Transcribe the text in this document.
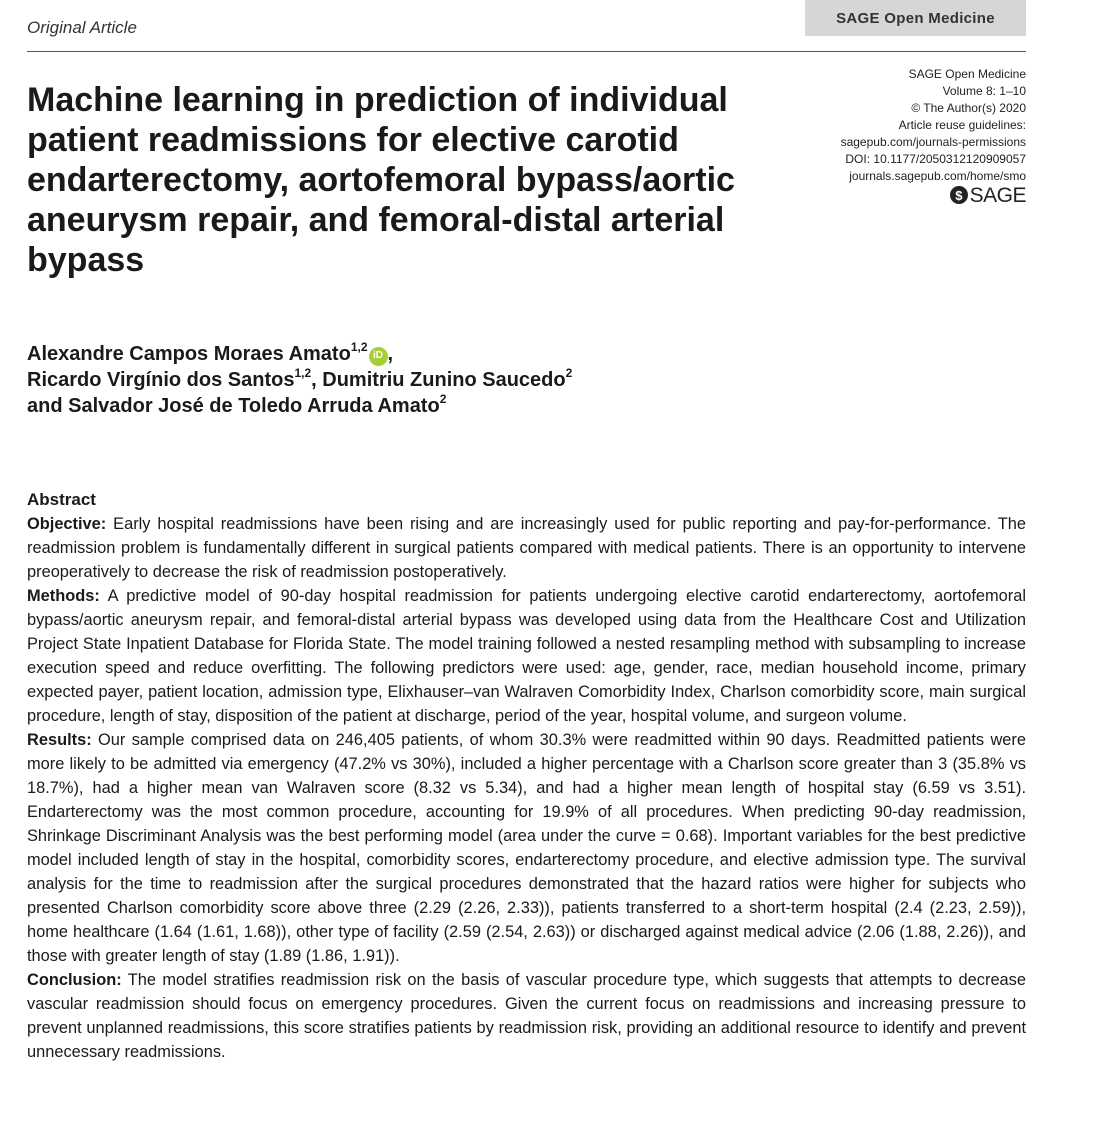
Original Article	SAGE Open Medicine
Machine learning in prediction of individual patient readmissions for elective carotid endarterectomy, aortofemoral bypass/aortic aneurysm repair, and femoral-distal arterial bypass
SAGE Open Medicine
Volume 8: 1–10
© The Author(s) 2020
Article reuse guidelines:
sagepub.com/journals-permissions
DOI: 10.1177/2050312120909057
journals.sagepub.com/home/smo
$ SAGE
Alexandre Campos Moraes Amato$^{1,2}$iD ,
Ricardo Virgínio dos Santos$^{1,2}$, Dumitriu Zunino Saucedo$^2$
and Salvador José de Toledo Arruda Amato$^2$
Abstract
Objective: Early hospital readmissions have been rising and are increasingly used for public reporting and pay-for-performance. The readmission problem is fundamentally different in surgical patients compared with medical patients. There is an opportunity to intervene preoperatively to decrease the risk of readmission postoperatively.
Methods: A predictive model of 90-day hospital readmission for patients undergoing elective carotid endarterectomy, aortofemoral bypass/aortic aneurysm repair, and femoral-distal arterial bypass was developed using data from the Healthcare Cost and Utilization Project State Inpatient Database for Florida State. The model training followed a nested resampling method with subsampling to increase execution speed and reduce overfitting. The following predictors were used: age, gender, race, median household income, primary expected payer, patient location, admission type, Elixhauser–van Walraven Comorbidity Index, Charlson comorbidity score, main surgical procedure, length of stay, disposition of the patient at discharge, period of the year, hospital volume, and surgeon volume.
Results: Our sample comprised data on 246,405 patients, of whom 30.3% were readmitted within 90 days. Readmitted patients were more likely to be admitted via emergency (47.2% vs 30%), included a higher percentage with a Charlson score greater than 3 (35.8% vs 18.7%), had a higher mean van Walraven score (8.32 vs 5.34), and had a higher mean length of hospital stay (6.59 vs 3.51). Endarterectomy was the most common procedure, accounting for 19.9% of all procedures. When predicting 90-day readmission, Shrinkage Discriminant Analysis was the best performing model (area under the curve = 0.68). Important variables for the best predictive model included length of stay in the hospital, comorbidity scores, endarterectomy procedure, and elective admission type. The survival analysis for the time to readmission after the surgical procedures demonstrated that the hazard ratios were higher for subjects who presented Charlson comorbidity score above three (2.29 (2.26, 2.33)), patients transferred to a short-term hospital (2.4 (2.23, 2.59)), home healthcare (1.64 (1.61, 1.68)), other type of facility (2.59 (2.54, 2.63)) or discharged against medical advice (2.06 (1.88, 2.26)), and those with greater length of stay (1.89 (1.86, 1.91)).
Conclusion: The model stratifies readmission risk on the basis of vascular procedure type, which suggests that attempts to decrease vascular readmission should focus on emergency procedures. Given the current focus on readmissions and increasing pressure to prevent unplanned readmissions, this score stratifies patients by readmission risk, providing an additional resource to identify and prevent unnecessary readmissions.
